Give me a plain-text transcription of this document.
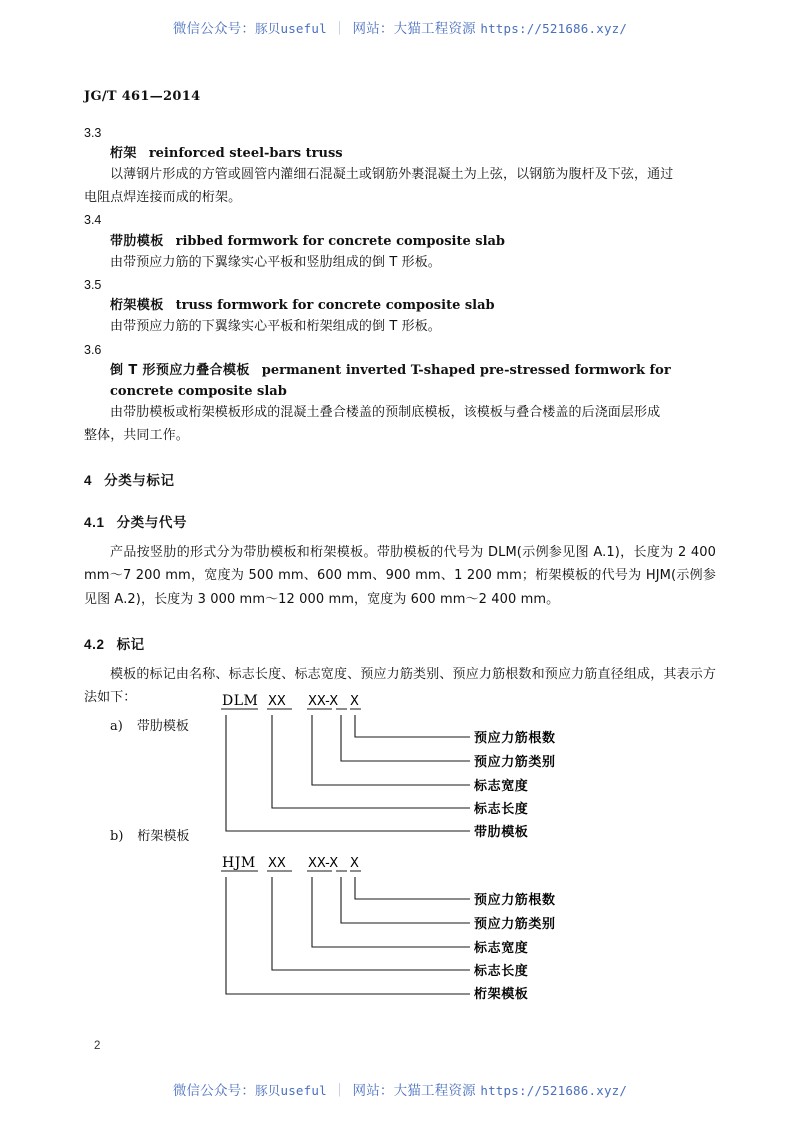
微信公众号：豚贝useful ｜ 网站：大猫工程资源 https://521686.xyz/
JG/T 461—2014
3.3
桁架 reinforced steel-bars truss
以薄钢片形成的方管或圆管内灌细石混凝土或钢筋外裹混凝土为上弦，以钢筋为腹杆及下弦，通过
电阻点焊连接而成的桁架。
3.4
带肋模板 ribbed formwork for concrete composite slab
由带预应力筋的下翼缘实心平板和竖肋组成的倒 T 形板。
3.5
桁架模板 truss formwork for concrete composite slab
由带预应力筋的下翼缘实心平板和桁架组成的倒 T 形板。
3.6
倒 T 形预应力叠合模板 permanent inverted T-shaped pre-stressed formwork for concrete composite slab
由带肋模板或桁架模板形成的混凝土叠合楼盖的预制底模板，该模板与叠合楼盖的后浇面层形成
整体，共同工作。
4 分类与标记
4.1 分类与代号
产品按竖肋的形式分为带肋模板和桁架模板。带肋模板的代号为 DLM(示例参见图 A.1)，长度为 2 400 mm～7 200 mm，宽度为 500 mm、600 mm、900 mm、1 200 mm；桁架模板的代号为 HJM(示例参见图 A.2)，长度为 3 000 mm～12 000 mm，宽度为 600 mm～2 400 mm。
4.2 标记
模板的标记由名称、标志长度、标志宽度、预应力筋类别、预应力筋根数和预应力筋直径组成，其表示方法如下：
a) 带肋模板
DLM XX XX-X X
预应力筋根数
预应力筋类别
标志宽度
标志长度
带肋模板
b) 桁架模板
HJM XX XX-X X
预应力筋根数
预应力筋类别
标志宽度
标志长度
桁架模板
2
微信公众号：豚贝useful ｜ 网站：大猫工程资源 https://521686.xyz/
